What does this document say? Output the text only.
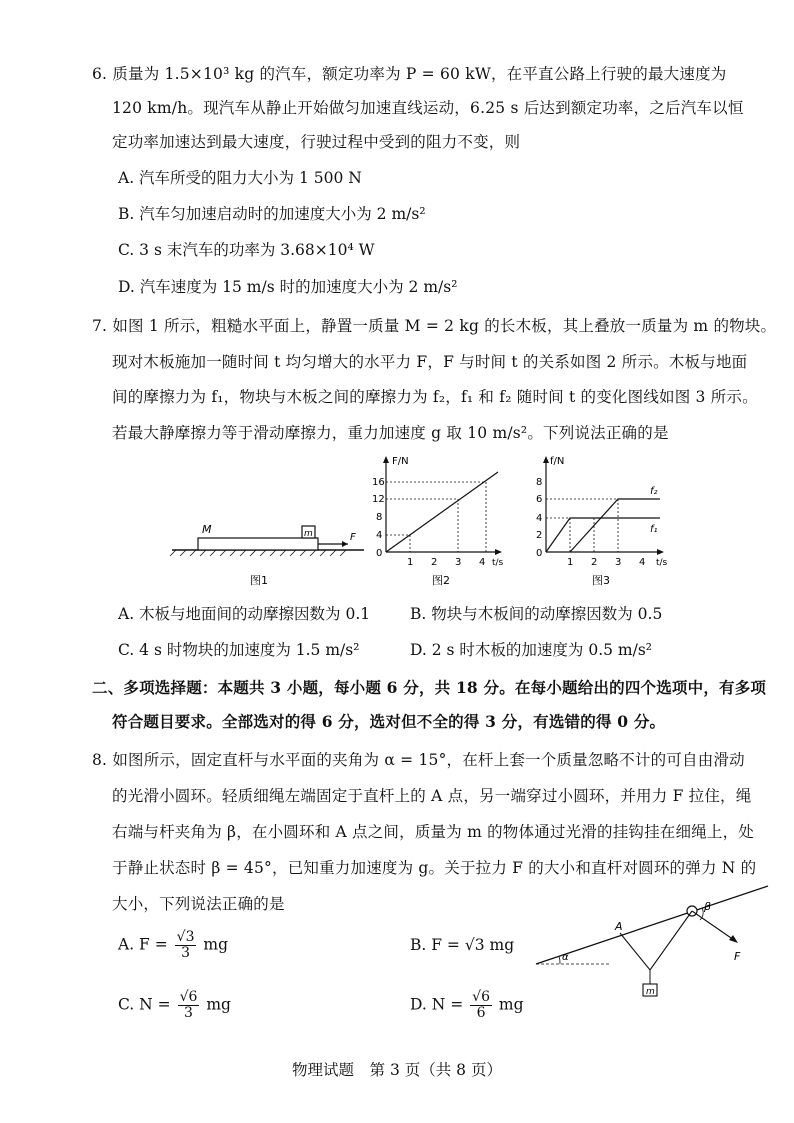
6. 质量为 1.5×10³ kg 的汽车，额定功率为 P = 60 kW，在平直公路上行驶的最大速度为
120 km/h。现汽车从静止开始做匀加速直线运动，6.25 s 后达到额定功率，之后汽车以恒
定功率加速达到最大速度，行驶过程中受到的阻力不变，则
A. 汽车所受的阻力大小为 1 500 N
B. 汽车匀加速启动时的加速度大小为 2 m/s²
C. 3 s 末汽车的功率为 3.68×10⁴ W
D. 汽车速度为 15 m/s 时的加速度大小为 2 m/s²
7. 如图 1 所示，粗糙水平面上，静置一质量 M = 2 kg 的长木板，其上叠放一质量为 m 的物块。
现对木板施加一随时间 t 均匀增大的水平力 F，F 与时间 t 的关系如图 2 所示。木板与地面
间的摩擦力为 f₁，物块与木板之间的摩擦力为 f₂，f₁ 和 f₂ 随时间 t 的变化图线如图 3 所示。
若最大静摩擦力等于滑动摩擦力，重力加速度 g 取 10 m/s²。下列说法正确的是
M	m	F
图1
F/N
t/s
16
12
8
4
0
1 2 3 4
图2
f/N
t/s
8
6
4
2
0
1 2 3 4
f₂
f₁
图3
A. 木板与地面间的动摩擦因数为 0.1	B. 物块与木板间的动摩擦因数为 0.5
C. 4 s 时物块的加速度为 1.5 m/s²	D. 2 s 时木板的加速度为 0.5 m/s²
二、多项选择题：本题共 3 小题，每小题 6 分，共 18 分。在每小题给出的四个选项中，有多项
符合题目要求。全部选对的得 6 分，选对但不全的得 3 分，有选错的得 0 分。
8. 如图所示，固定直杆与水平面的夹角为 α = 15°，在杆上套一个质量忽略不计的可自由滑动
的光滑小圆环。轻质细绳左端固定于直杆上的 A 点，另一端穿过小圆环，并用力 F 拉住，绳
右端与杆夹角为 β，在小圆环和 A 点之间，质量为 m 的物体通过光滑的挂钩挂在细绳上，处
于静止状态时 β = 45°，已知重力加速度为 g。关于拉力 F 的大小和直杆对圆环的弹力 N 的
大小，下列说法正确的是
A. $F = \frac{√3}{3}$ mg	B. F = √3 mg
C. $N = \frac{√6}{3}$ mg	D. $N = \frac{√6}{6}$ mg
A
β
α	F
m
物理试题　第 3 页（共 8 页）
